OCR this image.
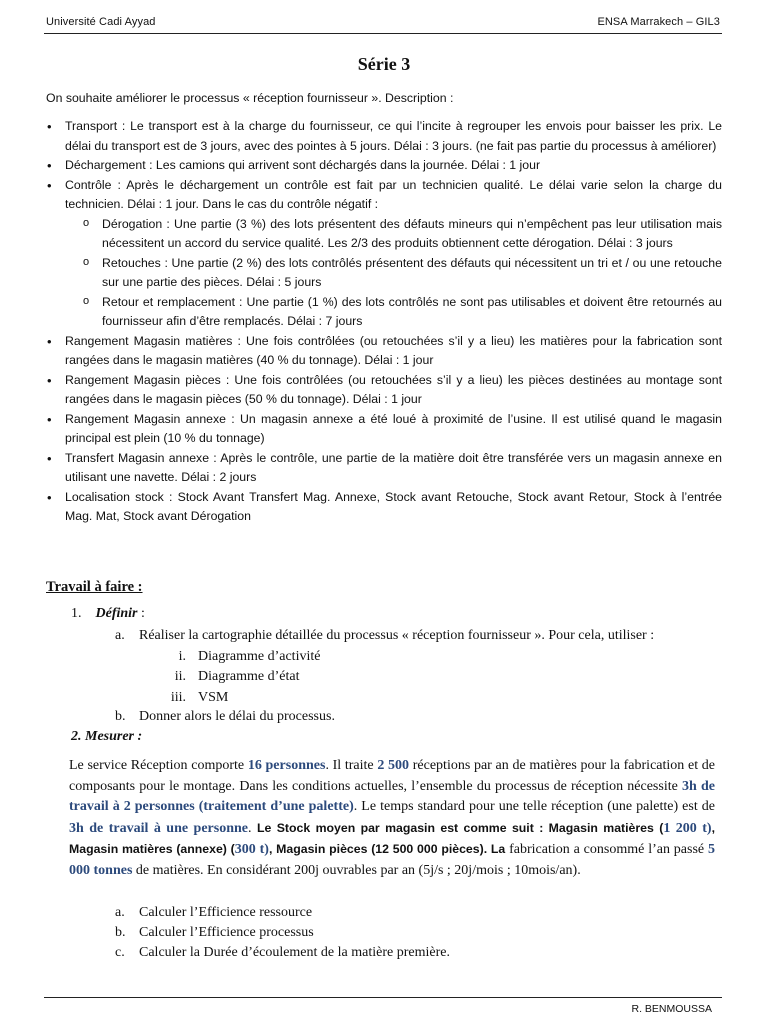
Université Cadi Ayyad	ENSA Marrakech – GIL3
Série 3
On souhaite améliorer le processus « réception fournisseur ». Description :
• Transport : Le transport est à la charge du fournisseur, ce qui l’incite à regrouper les envois pour baisser les prix. Le délai du transport est de 3 jours, avec des pointes à 5 jours. Délai : 3 jours. (ne fait pas partie du processus à améliorer)
• Déchargement : Les camions qui arrivent sont déchargés dans la journée. Délai : 1 jour
• Contrôle : Après le déchargement un contrôle est fait par un technicien qualité. Le délai varie selon la charge du technicien. Délai : 1 jour. Dans le cas du contrôle négatif :
o Dérogation : Une partie (3 %) des lots présentent des défauts mineurs qui n’empêchent pas leur utilisation mais nécessitent un accord du service qualité. Les 2/3 des produits obtiennent cette dérogation. Délai : 3 jours
o Retouches : Une partie (2 %) des lots contrôlés présentent des défauts qui nécessitent un tri et / ou une retouche sur une partie des pièces. Délai : 5 jours
o Retour et remplacement : Une partie (1 %) des lots contrôlés ne sont pas utilisables et doivent être retournés au fournisseur afin d’être remplacés. Délai : 7 jours
• Rangement Magasin matières : Une fois contrôlées (ou retouchées s’il y a lieu) les matières pour la fabrication sont rangées dans le magasin matières (40 % du tonnage). Délai : 1 jour
• Rangement Magasin pièces : Une fois contrôlées (ou retouchées s’il y a lieu) les pièces destinées au montage sont rangées dans le magasin pièces (50 % du tonnage). Délai : 1 jour
• Rangement Magasin annexe : Un magasin annexe a été loué à proximité de l’usine. Il est utilisé quand le magasin principal est plein (10 % du tonnage)
• Transfert Magasin annexe : Après le contrôle, une partie de la matière doit être transférée vers un magasin annexe en utilisant une navette. Délai : 2 jours
• Localisation stock : Stock Avant Transfert Mag. Annexe, Stock avant Retouche, Stock avant Retour, Stock à l’entrée Mag. Mat, Stock avant Dérogation
Travail à faire :
1. Définir :
a. Réaliser la cartographie détaillée du processus « réception fournisseur ». Pour cela, utiliser :
i. Diagramme d’activité
ii. Diagramme d’état
iii. VSM
b. Donner alors le délai du processus.
2. Mesurer :
Le service Réception comporte 16 personnes. Il traite 2 500 réceptions par an de matières pour la fabrication et de composants pour le montage. Dans les conditions actuelles, l’ensemble du processus de réception nécessite 3h de travail à 2 personnes (traitement d’une palette). Le temps standard pour une telle réception (une palette) est de 3h de travail à une personne. Le Stock moyen par magasin est comme suit : Magasin matières (1 200 t), Magasin matières (annexe) (300 t), Magasin pièces (12 500 000 pièces). La fabrication a consommé l’an passé 5 000 tonnes de matières. En considérant 200j ouvrables par an (5j/s ; 20j/mois ; 10mois/an).
a. Calculer l’Efficience ressource
b. Calculer l’Efficience processus
c. Calculer la Durée d’écoulement de la matière première.
R. BENMOUSSA
